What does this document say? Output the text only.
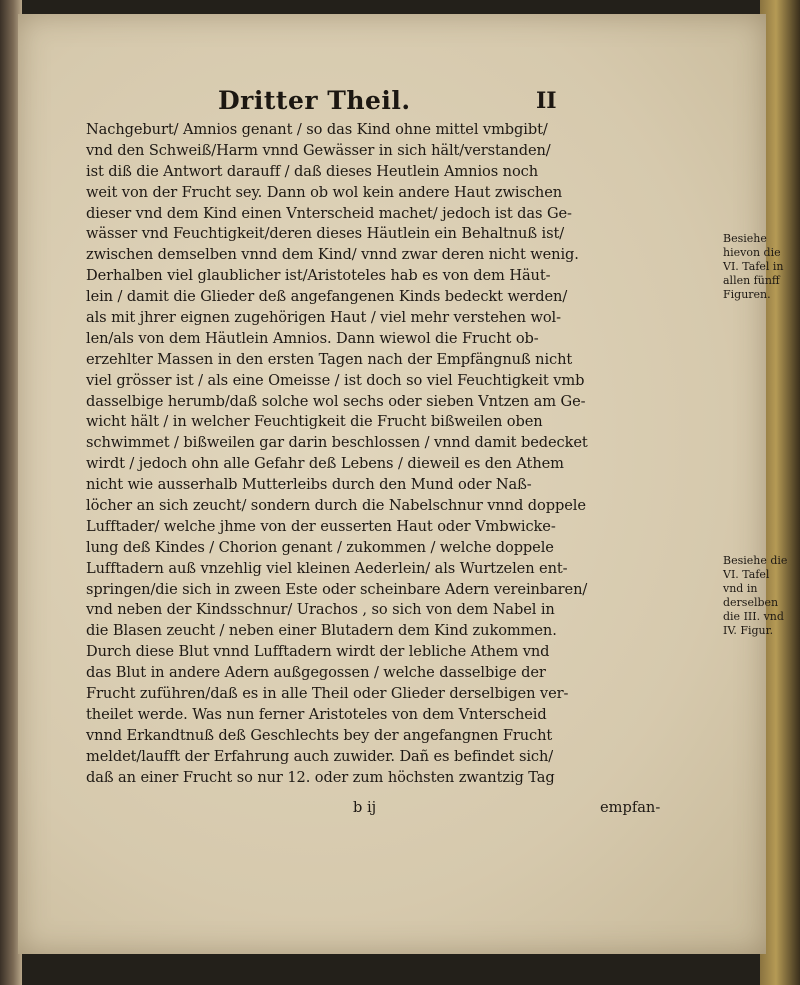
Dritter Theil.	II
Nachgeburt/ Amnios genant / so das Kind ohne mittel vmbgibt/
vnd den Schweiß/Harm vnnd Gewässer in sich hält/verstanden/
ist diß die Antwort darauff / daß dieses Heutlein Amnios noch
weit von der Frucht sey. Dann ob wol kein andere Haut zwischen
dieser vnd dem Kind einen Vnterscheid machet/ jedoch ist das Ge-
wässer vnd Feuchtigkeit/deren dieses Häutlein ein Behaltnuß ist/
zwischen demselben vnnd dem Kind/ vnnd zwar deren nicht wenig.
Derhalben viel glaublicher ist/Aristoteles hab es von dem Häut-
lein / damit die Glieder deß angefangenen Kinds bedeckt werden/
als mit jhrer eignen zugehörigen Haut / viel mehr verstehen wol-
len/als von dem Häutlein Amnios. Dann wiewol die Frucht ob-
erzehlter Massen in den ersten Tagen nach der Empfängnuß nicht
viel grösser ist / als eine Omeisse / ist doch so viel Feuchtigkeit vmb
dasselbige herumb/daß solche wol sechs oder sieben Vntzen am Ge-
wicht hält / in welcher Feuchtigkeit die Frucht bißweilen oben
schwimmet / bißweilen gar darin beschlossen / vnnd damit bedecket
wirdt / jedoch ohn alle Gefahr deß Lebens / dieweil es den Athem
nicht wie ausserhalb Mutterleibs durch den Mund oder Naß-
löcher an sich zeucht/ sondern durch die Nabelschnur vnnd doppele
Lufftader/ welche jhme von der eusserten Haut oder Vmbwicke-
lung deß Kindes / Chorion genant / zukommen / welche doppele
Lufftadern auß vnzehlig viel kleinen Aederlein/ als Wurtzelen ent-
springen/die sich in zween Este oder scheinbare Adern vereinbaren/
vnd neben der Kindsschnur/ Urachos , so sich von dem Nabel in
die Blasen zeucht / neben einer Blutadern dem Kind zukommen.
Durch diese Blut vnnd Lufftadern wirdt der lebliche Athem vnd
das Blut in andere Adern außgegossen / welche dasselbige der
Frucht zuführen/daß es in alle Theil oder Glieder derselbigen ver-
theilet werde. Was nun ferner Aristoteles von dem Vnterscheid
vnnd Erkandtnuß deß Geschlechts bey der angefangnen Frucht
meldet/laufft der Erfahrung auch zuwider. Dañ es befindet sich/
daß an einer Frucht so nur 12. oder zum höchsten zwantzig Tag
Besiehe hievon die VI. Tafel in allen fünff Figuren.
Besiehe die VI. Tafel vnd in derselben die III. vnd IV. Figur.
b ij	empfan-
